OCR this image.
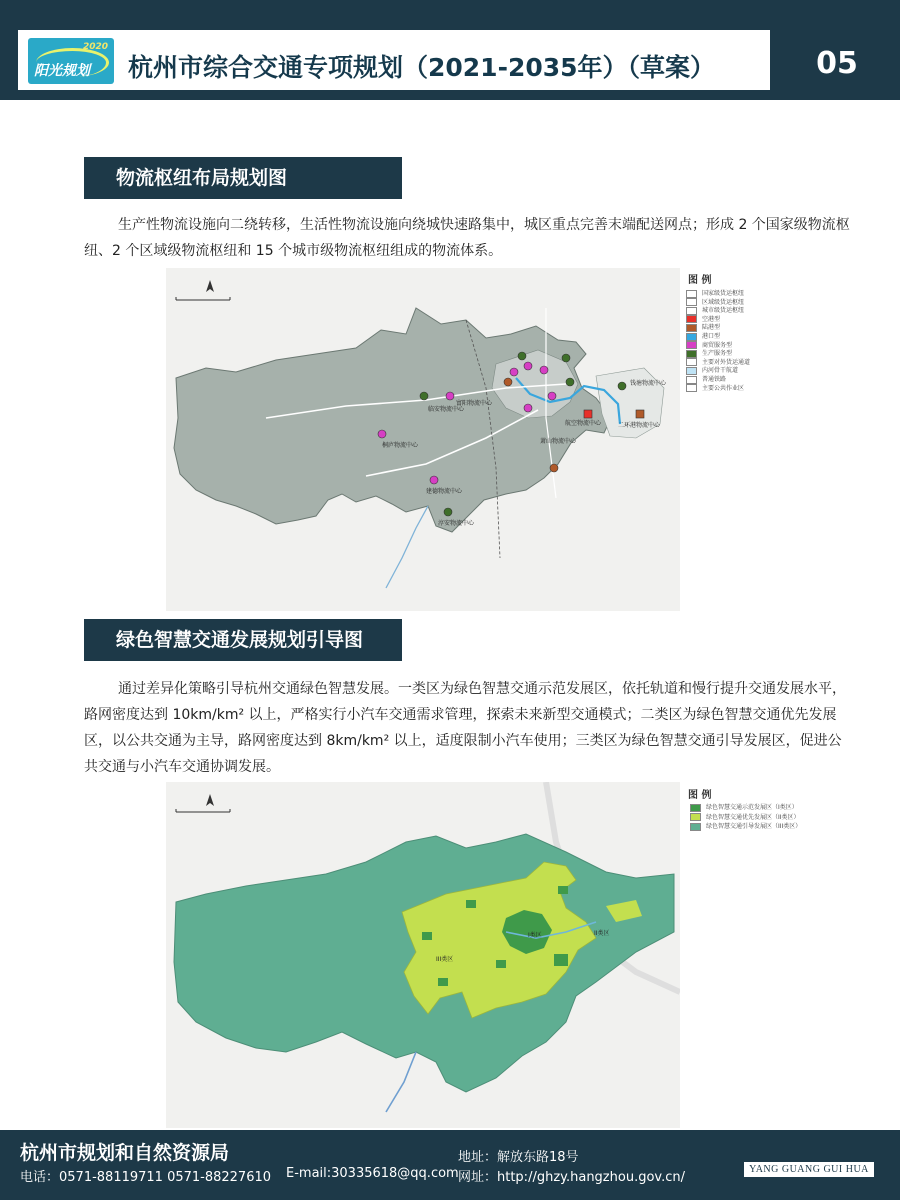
2020
阳光规划 杭州市综合交通专项规划（2021-2035年）（草案）	05
物流枢纽布局规划图
生产性物流设施向二绕转移，生活性物流设施向绕城快速路集中，城区重点完善末端配送网点；形成 2 个国家级物流枢纽、2 个区域级物流枢纽和 15 个城市级物流枢纽组成的物流体系。
航空物流中心	二环港物流中心
萧山物流中心
钱塘物流中心
临安物流中心
富阳物流中心
桐庐物流中心
建德物流中心
淳安物流中心
图 例
国家级货运枢纽
区域级货运枢纽
城市级货运枢纽
空港型
陆港型
港口型
商贸服务型
生产服务型
主要对外货运通道
内河骨干航道
普通铁路
主要公共作业区
绿色智慧交通发展规划引导图
通过差异化策略引导杭州交通绿色智慧发展。一类区为绿色智慧交通示范发展区，依托轨道和慢行提升交通发展水平，路网密度达到 10km/km² 以上，严格实行小汽车交通需求管理，探索未来新型交通模式；二类区为绿色智慧交通优先发展区，以公共交通为主导，路网密度达到 8km/km² 以上，适度限制小汽车使用；三类区为绿色智慧交通引导发展区，促进公共交通与小汽车交通协调发展。
I类区	II类区
III类区
图 例
绿色智慧交通示范发展区（I类区）
绿色智慧交通优先发展区（II类区）
绿色智慧交通引导发展区（III类区）
杭州市规划和自然资源局
电话：0571-88119711 0571-88227610 E-mail:30335618@qq.com
地址：解放东路18号
网址：http://ghzy.hangzhou.gov.cn/
YANG GUANG GUI HUA
